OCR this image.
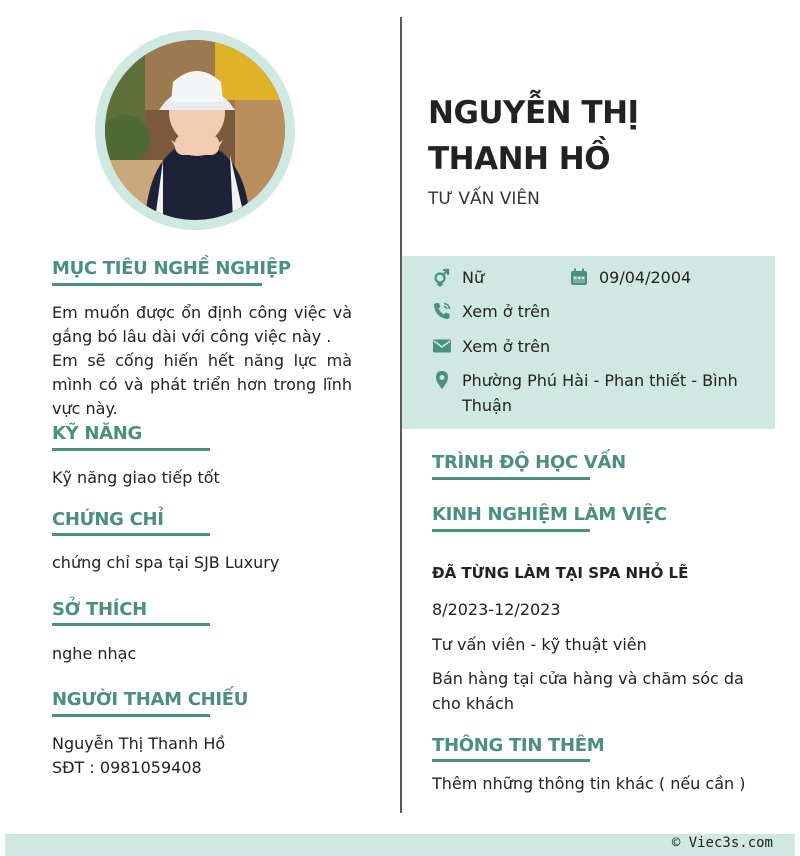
MỤC TIÊU NGHỀ NGHIỆP
Em muốn được ổn định công việc và gắng bó lâu dài với công việc này .
Em sẽ cống hiến hết năng lực mà mình có và phát triển hơn trong lĩnh vực này.
KỸ NĂNG
Kỹ năng giao tiếp tốt
CHỨNG CHỈ
chứng chỉ spa tại SJB Luxury
SỞ THÍCH
nghe nhạc
NGƯỜI THAM CHIẾU
Nguyễn Thị Thanh Hồ
SĐT : 0981059408
NGUYỄN THỊ THANH HỒ
TƯ VẤN VIÊN
Nữ	09/04/2004
Xem ở trên
Xem ở trên
Phường Phú Hài - Phan thiết - Bình Thuận
TRÌNH ĐỘ HỌC VẤN
KINH NGHIỆM LÀM VIỆC
ĐÃ TỪNG LÀM TẠI SPA NHỎ LẼ
8/2023-12/2023
Tư vấn viên - kỹ thuật viên
Bán hàng tại cửa hàng và chăm sóc da cho khách
THÔNG TIN THÊM
Thêm những thông tin khác ( nếu cần )
© Viec3s.com
